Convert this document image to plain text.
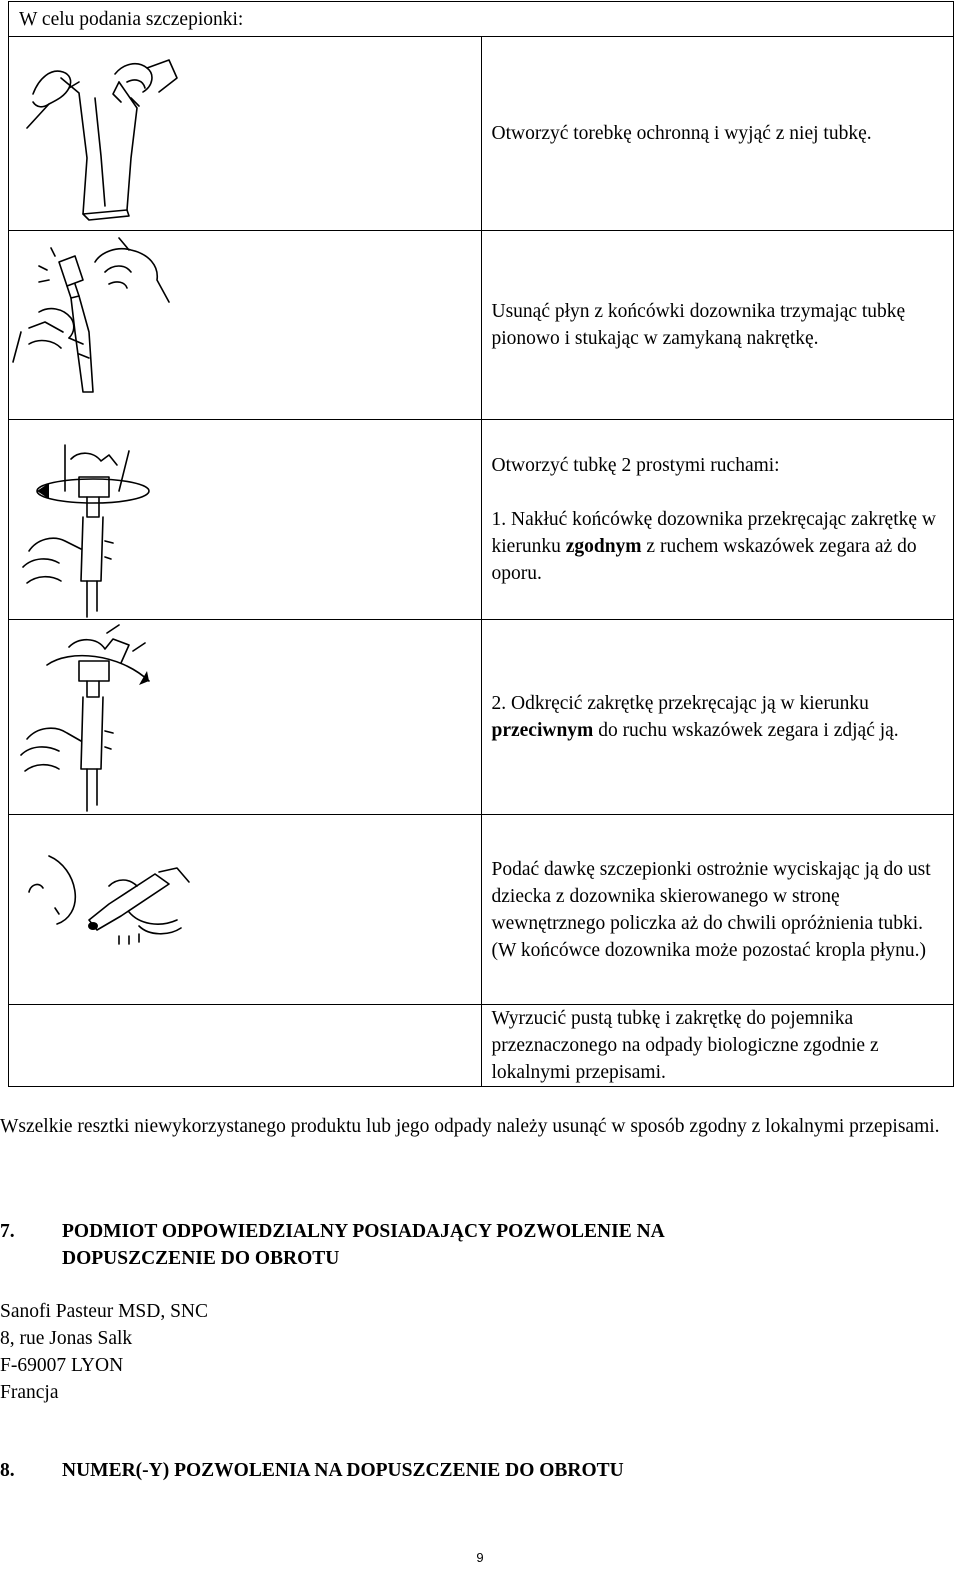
W celu podania szczepionki:	

Otworzyć torebkę ochronną i wyjąć z niej tubkę.

Usunąć płyn z końcówki dozownika trzymając tubkę pionowo i stukając w zamykaną nakrętkę.

Otworzyć tubkę 2 prostymi ruchami:
1. Nakłuć końcówkę dozownika przekręcając zakrętkę w kierunku zgodnym z ruchem wskazówek zegara aż do oporu.

2. Odkręcić zakrętkę przekręcając ją w kierunku przeciwnym do ruchu wskazówek zegara i zdjąć ją.

Podać dawkę szczepionki ostrożnie wyciskając ją do ust dziecka z dozownika skierowanego w stronę wewnętrznego policzka aż do chwili opróżnienia tubki. (W końcówce dozownika może pozostać kropla płynu.)

	Wyrzucić pustą tubkę i zakrętkę do pojemnika przeznaczonego na odpady biologiczne zgodnie z lokalnymi przepisami.
Wszelkie resztki niewykorzystanego produktu lub jego odpady należy usunąć w sposób zgodny z lokalnymi przepisami.
7. PODMIOT ODPOWIEDZIALNY POSIADAJĄCY POZWOLENIE NA
DOPUSZCZENIE DO OBROTU
Sanofi Pasteur MSD, SNC
8, rue Jonas Salk
F-69007 LYON
Francja
8. NUMER(-Y) POZWOLENIA NA DOPUSZCZENIE DO OBROTU
9
